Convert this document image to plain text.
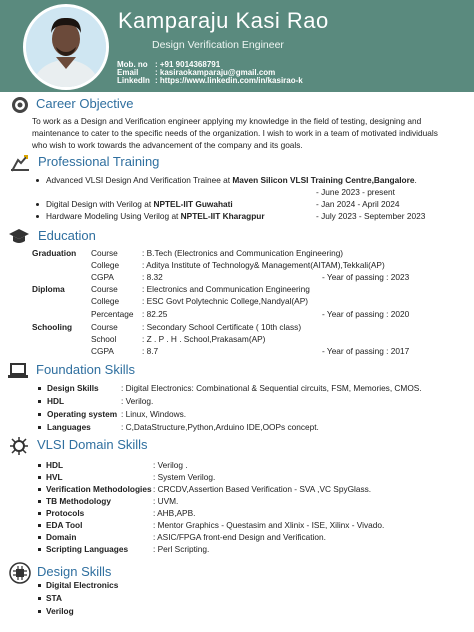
Kamparaju Kasi Rao
Design Verification Engineer
Mob. no : +91 9014368791
Email : kasiraokamparaju@gmail.com
LinkedIn : https://www.linkedin.com/in/kasirao-k
Career Objective
To work as a Design and Verification engineer applying my knowledge in the field of testing, designing and maintenance to cater to the specific needs of the organization. I wish to work in a team of motivated individuals who wish to work towards the advancement of the company and its goals.
Professional Training
Advanced VLSI Design And Verification Trainee at Maven Silicon VLSI Training Centre,Bangalore.
- June 2023 - present
Digital Design with Verilog at NPTEL-IIT Guwahati	- Jan 2024 - April 2024
Hardware Modeling Using Verilog at NPTEL-IIT Kharagpur	- July 2023 - September 2023
Education
Graduation Course	: B.Tech (Electronics and Communication Engineering)
College	: Aditya Institute of Technology& Management(AITAM),Tekkali(AP)
CGPA	: 8.32	- Year of passing : 2023
Diploma	Course	: Electronics and Communication Engineering
College	: ESC Govt Polytechnic College,Nandyal(AP)
Percentage : 82.25	- Year of passing : 2020
Schooling Course	: Secondary School Certificate ( 10th class)
School	: Z . P . H . School,Prakasam(AP)
CGPA	: 8.7	- Year of passing : 2017
Foundation Skills
Design Skills	: Digital Electronics: Combinational & Sequential circuits, FSM, Memories, CMOS.
HDL	: Verilog.
Operating system : Linux, Windows.
Languages	: C,DataStructure,Python,Arduino IDE,OOPs concept.
VLSI Domain Skills
HDL	: Verilog .
HVL	: System Verilog.
Verification Methodologies : CRCDV,Assertion Based Verification - SVA ,VC SpyGlass.
TB Methodology	: UVM.
Protocols	: AHB,APB.
EDA Tool	: Mentor Graphics - Questasim and Xlinix - ISE, Xilinx - Vivado.
Domain	: ASIC/FPGA front-end Design and Verification.
Scripting Languages	: Perl Scripting.
Design Skills
Digital Electronics
STA
Verilog
